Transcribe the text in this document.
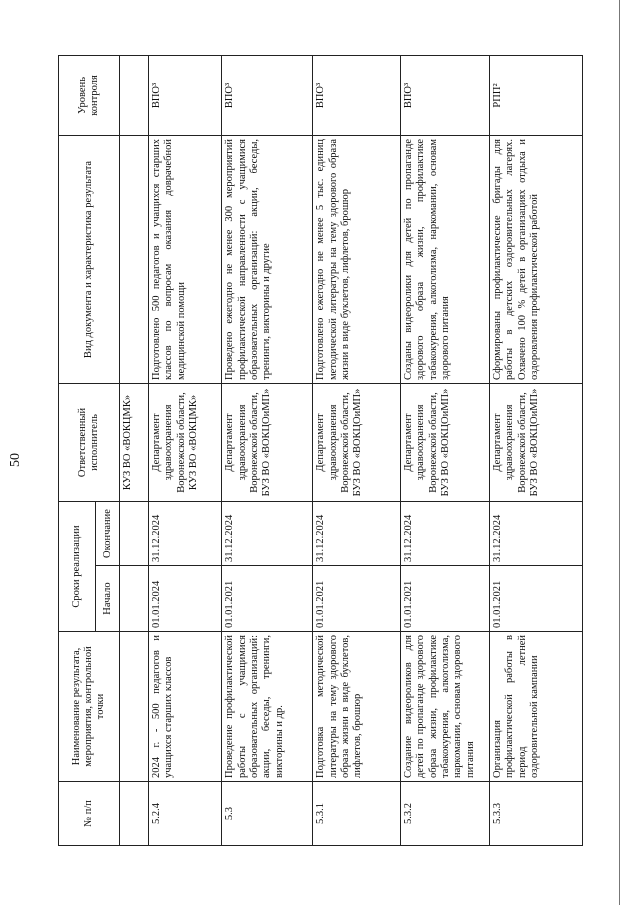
50
№ п/п	Наименование результата, мероприятия, контрольной точки	Сроки реализации		Ответственный исполнитель	Вид документа и характеристика результата	Уровень контроля
		Начало	Окончание			
				КУЗ ВО «ВОКЦМК»		
5.2.4	2024 г. - 500 педагогов и учащихся старших классов	01.01.2024	31.12.2024	Департамент здравоохранения Воронежской области, КУЗ ВО «ВОКЦМК»	Подготовлено 500 педагогов и учащихся старших классов по вопросам оказания доврачебной медицинской помощи	ВПО³
5.3	Проведение профилактической работы с учащимися образовательных организаций: акции, беседы, тренинги, викторины и др.	01.01.2021	31.12.2024	Департамент здравоохранения Воронежской области, БУЗ ВО «ВОКЦОиМП»	Проведено ежегодно не менее 300 мероприятий профилактической направленности с учащимися образовательных организаций: акции, беседы, тренинги, викторины и другие	ВПО³
5.3.1	Подготовка методической литературы на тему здорового образа жизни в виде буклетов, лифлетов, брошюр	01.01.2021	31.12.2024	Департамент здравоохранения Воронежской области, БУЗ ВО «ВОКЦОиМП»	Подготовлено ежегодно не менее 5 тыс. единиц методической литературы на тему здорового образа жизни в виде буклетов, лифлетов, брошюр	ВПО³
5.3.2	Создание видеороликов для детей по пропаганде здорового образа жизни, профилактике табакокурения, алкоголизма, наркомании, основам здорового питания	01.01.2021	31.12.2024	Департамент здравоохранения Воронежской области, БУЗ ВО «ВОКЦОиМП»	Созданы видеоролики для детей по пропаганде здорового образа жизни, профилактике табакокурения, алкоголизма, наркомании, основам здорового питания	ВПО³
5.3.3	Организация профилактической работы в период летней оздоровительной кампании	01.01.2021	31.12.2024	Департамент здравоохранения Воронежской области, БУЗ ВО «ВОКЦОиМП»	Сформированы профилактические бригады для работы в детских оздоровительных лагерях. Охвачено 100 % детей в организациях отдыха и оздоровления профилактической работой	РПП²
